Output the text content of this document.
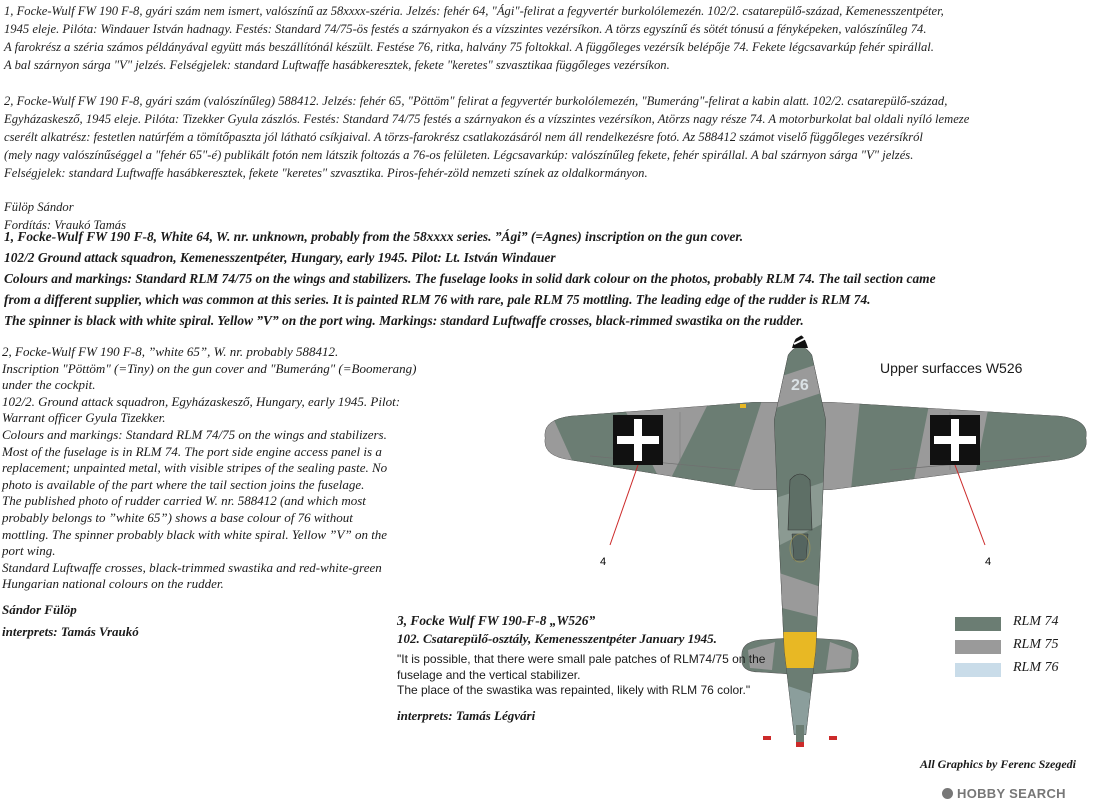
1, Focke-Wulf FW 190 F-8, gyári szám nem ismert, valószínű az 58xxxx-széria. Jelzés: fehér 64, "Ági"-felirat a fegyvertér burkolólemezén. 102/2. csatarepülő-század, Kemenesszentpéter,

1945 eleje. Pilóta: Windauer István hadnagy. Festés: Standard 74/75-ös festés a szárnyakon és a vízszintes vezérsíkon. A törzs egyszínű és sötét tónusú a fényképeken, valószínűleg 74.

A farokrész a széria számos példányával együtt más beszállítónál készült. Festése 76, ritka, halvány 75 foltokkal. A függőleges vezérsík belépője 74. Fekete légcsavarkúp fehér spirállal.

A bal szárnyon sárga "V" jelzés. Felségjelek: standard Luftwaffe hasábkeresztek, fekete "keretes" szvasztikaa függőleges vezérsíkon.

2, Focke-Wulf FW 190 F-8, gyári szám (valószínűleg) 588412. Jelzés: fehér 65, "Pöttöm" felirat a fegyvertér burkolólemezén, "Bumeráng"-felirat a kabin alatt. 102/2. csatarepülő-század,

Egyházaskesző, 1945 eleje. Pilóta: Tizekker Gyula zászlós. Festés: Standard 74/75 festés a szárnyakon és a vízszintes vezérsíkon, Atörzs nagy része 74. A motorburkolat bal oldali nyíló lemeze

cserélt alkatrész: festetlen natúrfém a tömítőpaszta jól látható csíkjaival. A törzs-farokrész csatlakozásáról nem áll rendelkezésre fotó. Az 588412 számot viselő függőleges vezérsíkról

(mely nagy valószínűséggel a "fehér 65"-é) publikált fotón nem látszik foltozás a 76-os felületen. Légcsavarkúp: valószínűleg fekete, fehér spirállal. A bal szárnyon sárga "V" jelzés.

Felségjelek: standard Luftwaffe hasábkeresztek, fekete "keretes" szvasztika. Piros-fehér-zöld nemzeti színek az oldalkormányon.

Fülöp Sándor

Fordítás: Vraukó Tamás

1, Focke-Wulf FW 190 F-8, White 64, W. nr. unknown, probably from the 58xxxx series. ”Ági” (=Agnes) inscription on the gun cover.

102/2 Ground attack squadron, Kemenesszentpéter, Hungary, early 1945. Pilot: Lt. István Windauer

Colours and markings: Standard RLM 74/75 on the wings and stabilizers. The fuselage looks in solid dark colour on the photos, probably RLM 74. The tail section came

from a different supplier, which was common at this series. It is painted RLM 76 with rare, pale RLM 75 mottling. The leading edge of the rudder is RLM 74.

The spinner is black with white spiral. Yellow ”V” on the port wing. Markings: standard Luftwaffe crosses, black-rimmed swastika on the rudder.

2, Focke-Wulf FW 190 F-8, ”white 65”, W. nr. probably 588412.

Inscription "Pöttöm" (=Tiny) on the gun cover and "Bumeráng" (=Boomerang)

under the cockpit.

102/2. Ground attack squadron, Egyházaskesző, Hungary, early 1945. Pilot:

Warrant officer Gyula Tizekker.

Colours and markings: Standard RLM 74/75 on the wings and stabilizers.

Most of the fuselage is in RLM 74. The port side engine access panel is a

replacement; unpainted metal, with visible stripes of the sealing paste. No

photo is available of the part where the tail section joins the fuselage.

The published photo of rudder carried W. nr. 588412 (and which most

probably belongs to ”white 65”) shows a base colour of 76 without

mottling. The spinner probably black with white spiral. Yellow ”V” on the

port wing.

Standard Luftwaffe crosses, black-trimmed swastika and red-white-green

Hungarian national colours on the rudder.

Sándor Fülöp
interprets: Tamás Vraukó
26
4	4
Upper surfacces W526
3, Focke Wulf FW 190-F-8 „W526”
102. Csatarepülő-osztály, Kemenesszentpéter January 1945.
"It is possible, that there were small pale patches of RLM74/75 on the
fuselage and the vertical stabilizer.
The place of the swastika was repainted, likely with RLM 76 color."
interprets: Tamás Légvári
RLM 74
RLM 75
RLM 76
All Graphics by Ferenc Szegedi
HOBBY SEARCH
